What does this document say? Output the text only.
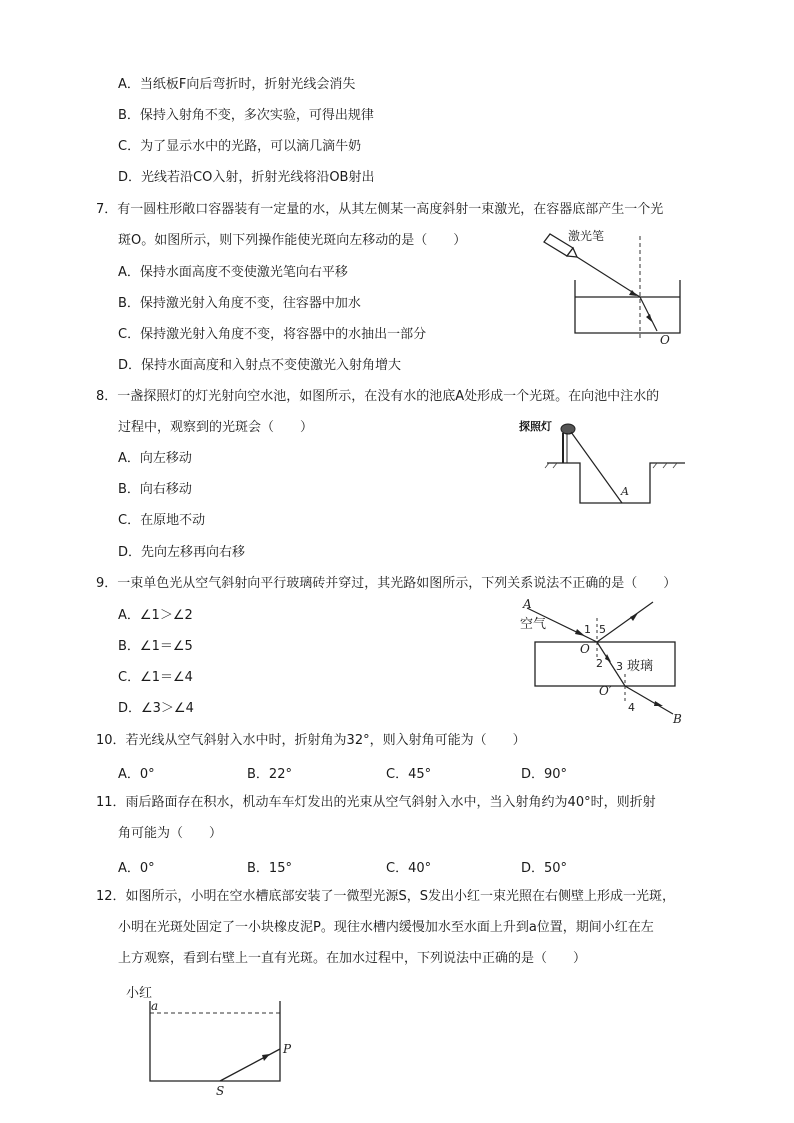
A．当纸板F向后弯折时，折射光线会消失
B．保持入射角不变，多次实验，可得出规律
C．为了显示水中的光路，可以滴几滴牛奶
D．光线若沿CO入射，折射光线将沿OB射出
7．有一圆柱形敞口容器装有一定量的水，从其左侧某一高度斜射一束激光，在容器底部产生一个光
斑O。如图所示，则下列操作能使光斑向左移动的是（　　）
A．保持水面高度不变使激光笔向右平移
B．保持激光射入角度不变，往容器中加水
C．保持激光射入角度不变，将容器中的水抽出一部分
D．保持水面高度和入射点不变使激光入射角增大
激光笔
O
8．一盏探照灯的灯光射向空水池，如图所示，在没有水的池底A处形成一个光斑。在向池中注水的
过程中，观察到的光斑会（　　）
A．向左移动
B．向右移动
C．在原地不动
D．先向左移再向右移
探照灯
A
9．一束单色光从空气斜射向平行玻璃砖并穿过，其光路如图所示，下列关系说法不正确的是（　　）
A．∠1＞∠2
B．∠1＝∠5
C．∠1＝∠4
D．∠3＞∠4
A
空气	1 5
O
2 3 玻璃
O′
4
B
10．若光线从空气斜射入水中时，折射角为32°，则入射角可能为（　　）
A．0°	B．22°	C．45°	D．90°
11．雨后路面存在积水，机动车车灯发出的光束从空气斜射入水中，当入射角约为40°时，则折射
角可能为（　　）
A．0°	B．15°	C．40°	D．50°
12．如图所示，小明在空水槽底部安装了一微型光源S，S发出小红一束光照在右侧壁上形成一光斑，
小明在光斑处固定了一小块橡皮泥P。现往水槽内缓慢加水至水面上升到a位置，期间小红在左
上方观察，看到右壁上一直有光斑。在加水过程中，下列说法中正确的是（　　）
小红
a
P
S
